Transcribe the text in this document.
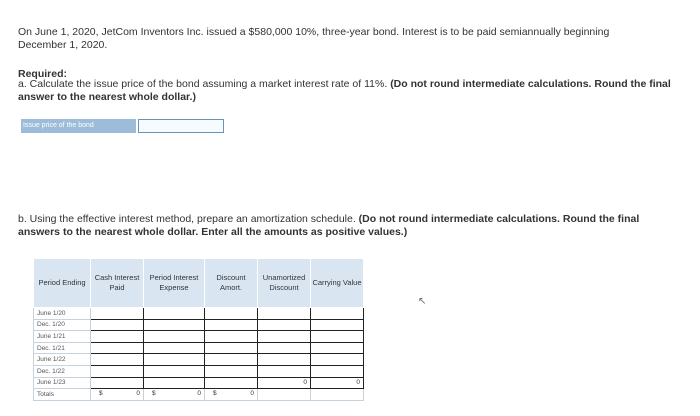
On June 1, 2020, JetCom Inventors Inc. issued a $580,000 10%, three-year bond. Interest is to be paid semiannually beginning December 1, 2020.
Required:
a. Calculate the issue price of the bond assuming a market interest rate of 11%. (Do not round intermediate calculations. Round the final answer to the nearest whole dollar.)
Issue price of the bond
b. Using the effective interest method, prepare an amortization schedule. (Do not round intermediate calculations. Round the final answers to the nearest whole dollar. Enter all the amounts as positive values.)
Period Ending	Cash Interest Paid	Period Interest Expense	Discount Amort.	Unamortized Discount	Carrying Value
June 1/20					
Dec. 1/20					
June 1/21					
Dec. 1/21					
June 1/22					
Dec. 1/22					
June 1/23				0	0

Totals	$ 0	$ 0	$ 0		

↖
